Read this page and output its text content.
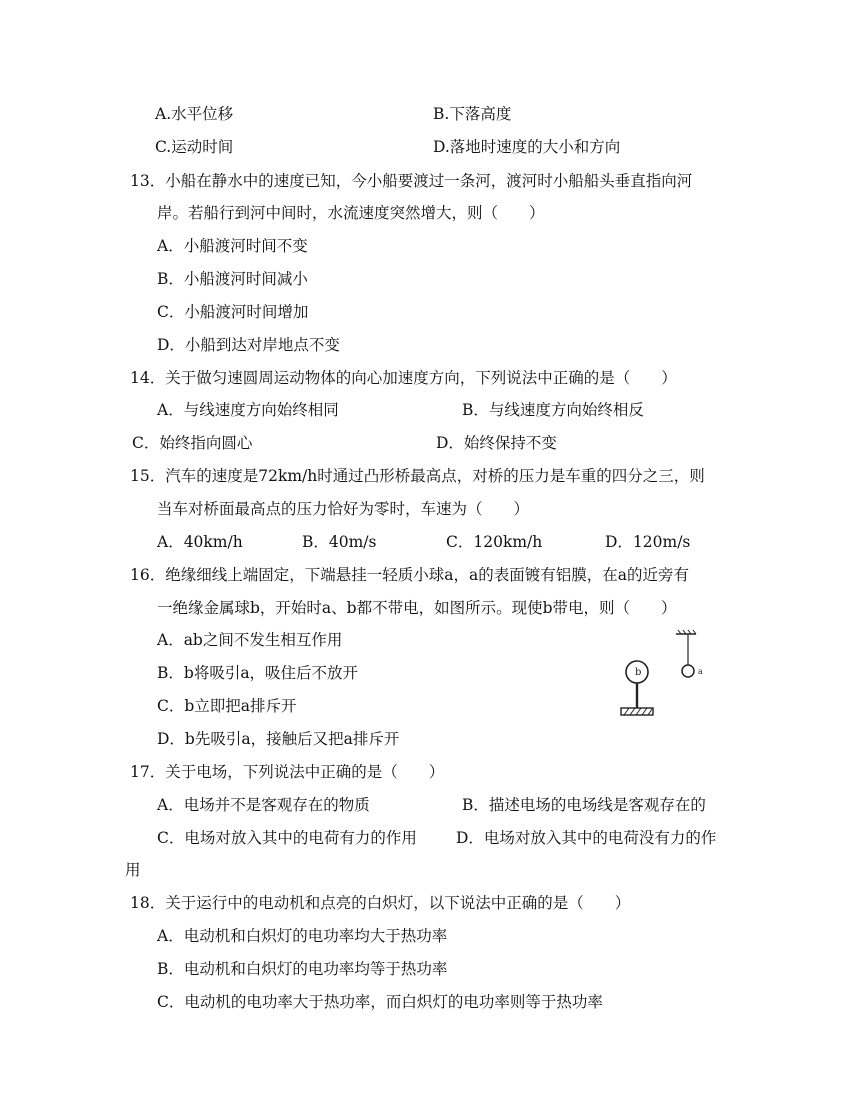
A.水平位移	B.下落高度
C.运动时间	D.落地时速度的大小和方向
13．小船在静水中的速度已知，今小船要渡过一条河，渡河时小船船头垂直指向河
岸。若船行到河中间时，水流速度突然增大，则（　　）
A．小船渡河时间不变
B．小船渡河时间减小
C．小船渡河时间增加
D．小船到达对岸地点不变
14．关于做匀速圆周运动物体的向心加速度方向，下列说法中正确的是（　　）
A．与线速度方向始终相同	B．与线速度方向始终相反
C．始终指向圆心	D．始终保持不变
15．汽车的速度是72km/h时通过凸形桥最高点，对桥的压力是车重的四分之三，则
当车对桥面最高点的压力恰好为零时，车速为（　　）
A．40km/h	B．40m/s	C．120km/h	D．120m/s
16．绝缘细线上端固定，下端悬挂一轻质小球a，a的表面镀有铝膜，在a的近旁有
一绝缘金属球b，开始时a、b都不带电，如图所示。现使b带电，则（　　）
A．ab之间不发生相互作用
B．b将吸引a，吸住后不放开
C．b立即把a排斥开
D．b先吸引a，接触后又把a排斥开
b	a
17．关于电场，下列说法中正确的是（　　）
A．电场并不是客观存在的物质	B．描述电场的电场线是客观存在的
C．电场对放入其中的电荷有力的作用	D．电场对放入其中的电荷没有力的作
用
18．关于运行中的电动机和点亮的白炽灯，以下说法中正确的是（　　）
A．电动机和白炽灯的电功率均大于热功率
B．电动机和白炽灯的电功率均等于热功率
C．电动机的电功率大于热功率，而白炽灯的电功率则等于热功率
